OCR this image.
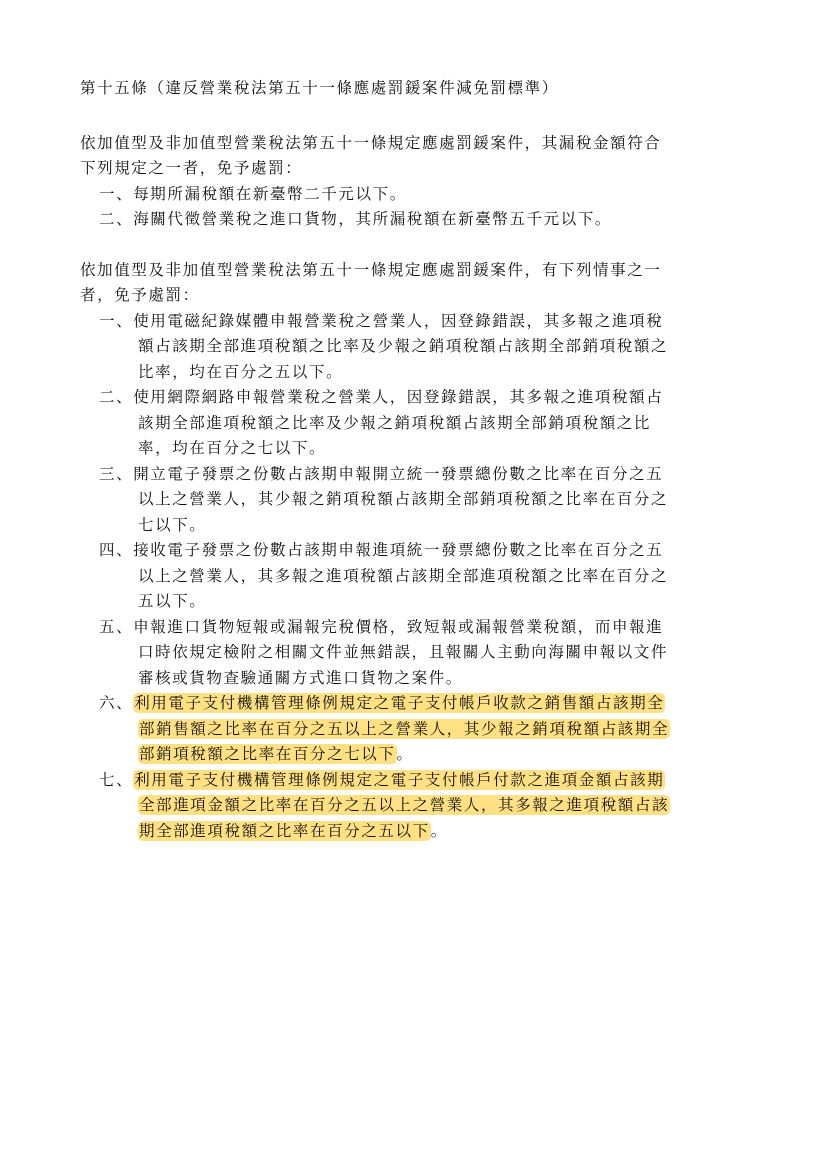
第十五條（違反營業稅法第五十一條應處罰鍰案件減免罰標準）
依加值型及非加值型營業稅法第五十一條規定應處罰鍰案件，其漏稅金額符合
下列規定之一者，免予處罰：
一、每期所漏稅額在新臺幣二千元以下。
二、海關代徵營業稅之進口貨物，其所漏稅額在新臺幣五千元以下。
依加值型及非加值型營業稅法第五十一條規定應處罰鍰案件，有下列情事之一
者，免予處罰：
一、使用電磁紀錄媒體申報營業稅之營業人，因登錄錯誤，其多報之進項稅
額占該期全部進項稅額之比率及少報之銷項稅額占該期全部銷項稅額之
比率，均在百分之五以下。
二、使用網際網路申報營業稅之營業人，因登錄錯誤，其多報之進項稅額占
該期全部進項稅額之比率及少報之銷項稅額占該期全部銷項稅額之比
率，均在百分之七以下。
三、開立電子發票之份數占該期申報開立統一發票總份數之比率在百分之五
以上之營業人，其少報之銷項稅額占該期全部銷項稅額之比率在百分之
七以下。
四、接收電子發票之份數占該期申報進項統一發票總份數之比率在百分之五
以上之營業人，其多報之進項稅額占該期全部進項稅額之比率在百分之
五以下。
五、申報進口貨物短報或漏報完稅價格，致短報或漏報營業稅額，而申報進
口時依規定檢附之相關文件並無錯誤，且報關人主動向海關申報以文件
審核或貨物查驗通關方式進口貨物之案件。
六、利用電子支付機構管理條例規定之電子支付帳戶收款之銷售額占該期全
部銷售額之比率在百分之五以上之營業人，其少報之銷項稅額占該期全
部銷項稅額之比率在百分之七以下。
七、利用電子支付機構管理條例規定之電子支付帳戶付款之進項金額占該期
全部進項金額之比率在百分之五以上之營業人，其多報之進項稅額占該
期全部進項稅額之比率在百分之五以下。
